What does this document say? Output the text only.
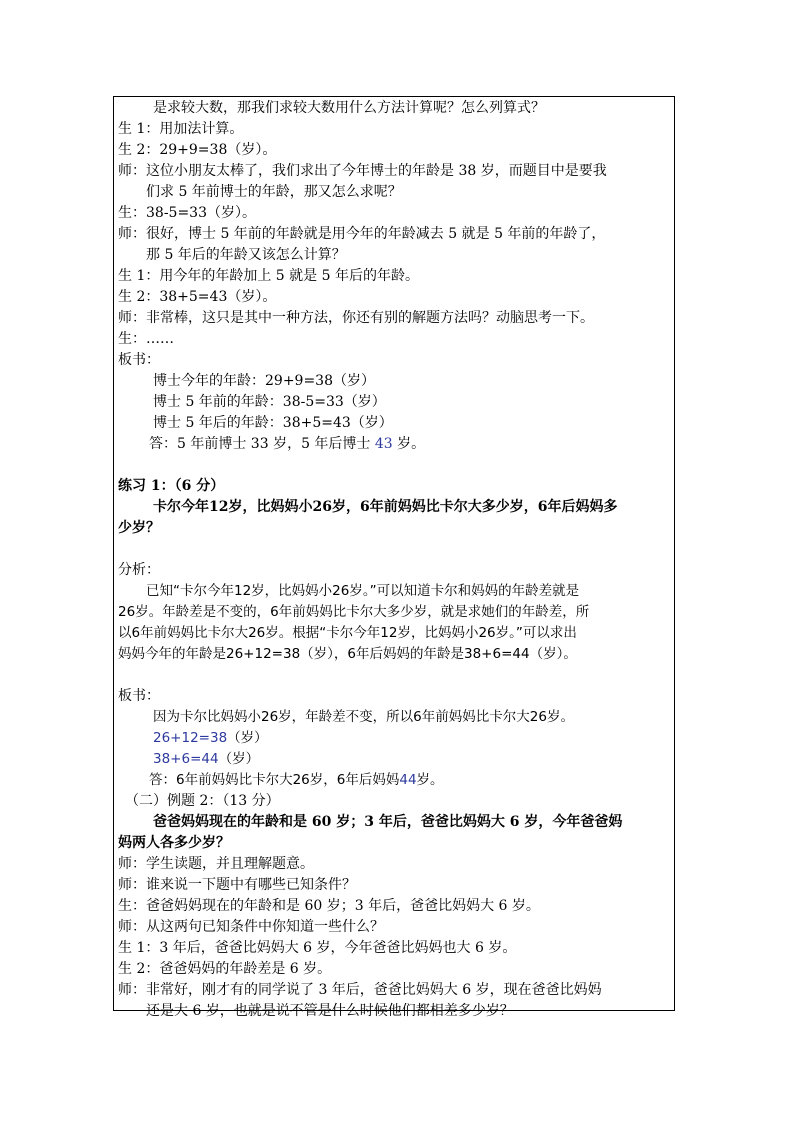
是求较大数，那我们求较大数用什么方法计算呢？怎么列算式？
生 1：用加法计算。
生 2：29+9=38（岁）。
师：这位小朋友太棒了，我们求出了今年博士的年龄是 38 岁，而题目中是要我
们求 5 年前博士的年龄，那又怎么求呢？
生：38-5=33（岁）。
师：很好，博士 5 年前的年龄就是用今年的年龄减去 5 就是 5 年前的年龄了，
那 5 年后的年龄又该怎么计算？
生 1：用今年的年龄加上 5 就是 5 年后的年龄。
生 2：38+5=43（岁）。
师：非常棒，这只是其中一种方法，你还有别的解题方法吗？动脑思考一下。
生：……
板书：
博士今年的年龄：29+9=38（岁）
博士 5 年前的年龄：38-5=33（岁）
博士 5 年后的年龄：38+5=43（岁）
答：5 年前博士 33 岁，5 年后博士 43 岁。
练习 1：（6 分）
卡尔今年12岁，比妈妈小26岁，6年前妈妈比卡尔大多少岁，6年后妈妈多
少岁？
分析：
已知“卡尔今年12岁，比妈妈小26岁。”可以知道卡尔和妈妈的年龄差就是
26岁。年龄差是不变的，6年前妈妈比卡尔大多少岁，就是求她们的年龄差，所
以6年前妈妈比卡尔大26岁。根据“卡尔今年12岁，比妈妈小26岁。”可以求出
妈妈今年的年龄是26+12=38（岁），6年后妈妈的年龄是38+6=44（岁）。
板书：
因为卡尔比妈妈小26岁，年龄差不变，所以6年前妈妈比卡尔大26岁。
26+12=38（岁）
38+6=44（岁）
答：6年前妈妈比卡尔大26岁，6年后妈妈44岁。
（二）例题 2：（13 分）
爸爸妈妈现在的年龄和是 60 岁；3 年后，爸爸比妈妈大 6 岁，今年爸爸妈
妈两人各多少岁？
师：学生读题，并且理解题意。
师：谁来说一下题中有哪些已知条件？
生：爸爸妈妈现在的年龄和是 60 岁；3 年后，爸爸比妈妈大 6 岁。
师：从这两句已知条件中你知道一些什么？
生 1：3 年后，爸爸比妈妈大 6 岁，今年爸爸比妈妈也大 6 岁。
生 2：爸爸妈妈的年龄差是 6 岁。
师：非常好，刚才有的同学说了 3 年后，爸爸比妈妈大 6 岁，现在爸爸比妈妈
还是大 6 岁，也就是说不管是什么时候他们都相差多少岁？
